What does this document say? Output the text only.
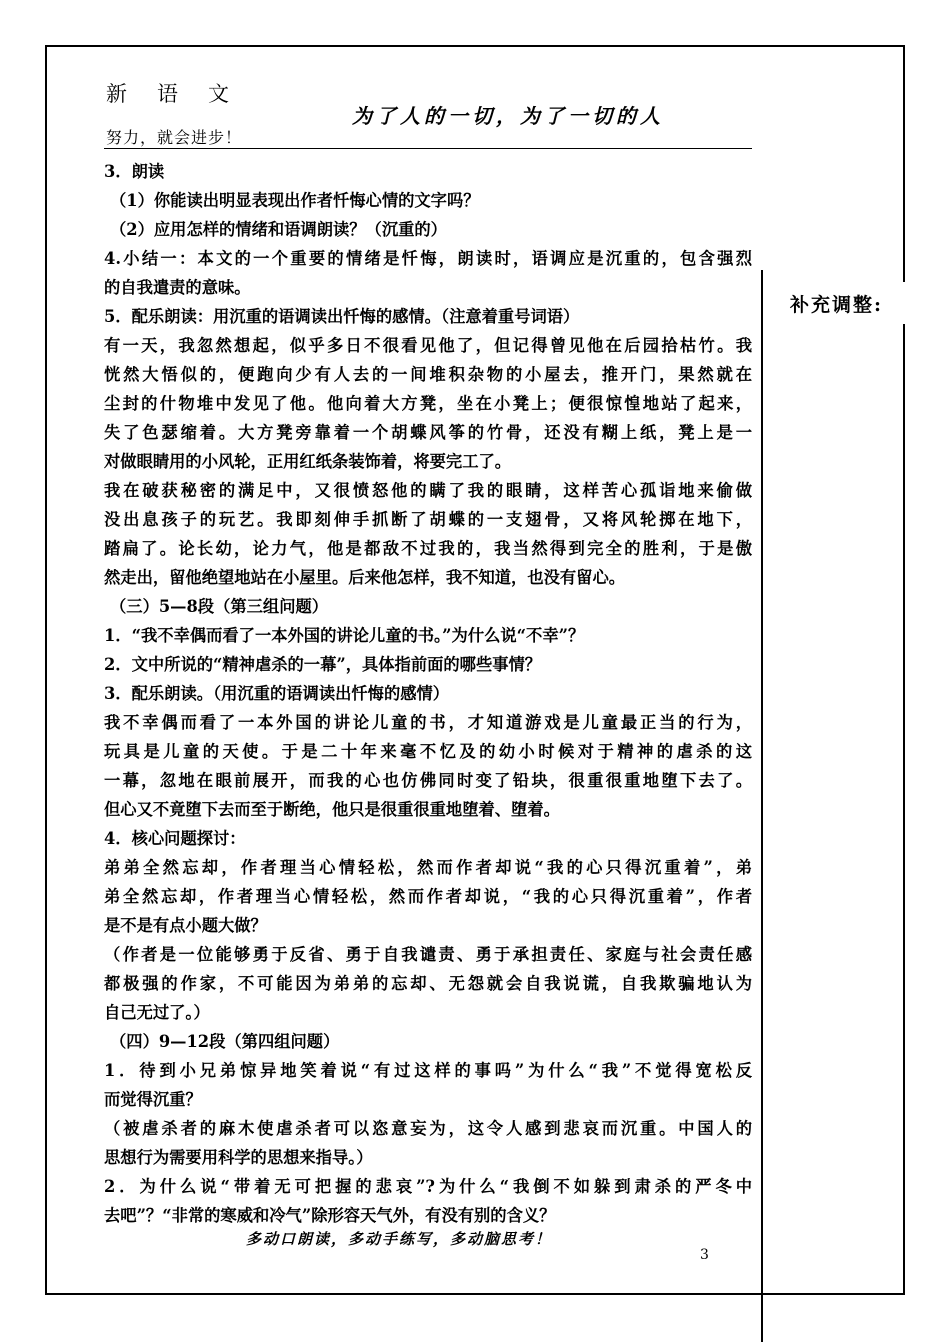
新语文
为了人的一切，为了一切的人
努力，就会进步！
补充调整:

3．朗读

（1）你能读出明显表现出作者忏悔心情的文字吗？

（2）应用怎样的情绪和语调朗读？（沉重的）

4.小结一：本文的一个重要的情绪是忏悔，朗读时，语调应是沉重的，包含强烈

的自我遣责的意味。

5．配乐朗读：用沉重的语调读出忏悔的感情。（注意着重号词语）

有一天，我忽然想起，似乎多日不很看见他了，但记得曾见他在后园拾枯竹。我

恍然大悟似的，便跑向少有人去的一间堆积杂物的小屋去，推开门，果然就在

尘封的什物堆中发见了他。他向着大方凳，坐在小凳上；便很惊惶地站了起来，

失了色瑟缩着。大方凳旁靠着一个胡蝶风筝的竹骨，还没有糊上纸，凳上是一

对做眼睛用的小风轮，正用红纸条装饰着，将要完工了。

我在破获秘密的满足中，又很愤怒他的瞒了我的眼睛，这样苦心孤诣地来偷做

没出息孩子的玩艺。我即刻伸手抓断了胡蝶的一支翅骨，又将风轮掷在地下，

踏扁了。论长幼，论力气，他是都敌不过我的，我当然得到完全的胜利，于是傲

然走出，留他绝望地站在小屋里。后来他怎样，我不知道，也没有留心。

（三）5—8段（第三组问题）

1．“我不幸偶而看了一本外国的讲论儿童的书。”为什么说“不幸”？

2．文中所说的“精神虐杀的一幕”，具体指前面的哪些事情？

3．配乐朗读。（用沉重的语调读出忏悔的感情）

我不幸偶而看了一本外国的讲论儿童的书，才知道游戏是儿童最正当的行为，

玩具是儿童的天使。于是二十年来毫不忆及的幼小时候对于精神的虐杀的这

一幕，忽地在眼前展开，而我的心也仿佛同时变了铅块，很重很重地堕下去了。

但心又不竟堕下去而至于断绝，他只是很重很重地堕着、堕着。

4．核心问题探讨：

弟弟全然忘却，作者理当心情轻松，然而作者却说“我的心只得沉重着”，弟

弟全然忘却，作者理当心情轻松，然而作者却说，“我的心只得沉重着”，作者

是不是有点小题大做？

（作者是一位能够勇于反省、勇于自我谴责、勇于承担责任、家庭与社会责任感

都极强的作家，不可能因为弟弟的忘却、无怨就会自我说谎，自我欺骗地认为

自己无过了。）

（四）9—12段（第四组问题）

1．待到小兄弟惊异地笑着说“有过这样的事吗”为什么“我”不觉得宽松反

而觉得沉重？

（被虐杀者的麻木使虐杀者可以恣意妄为，这令人感到悲哀而沉重。中国人的

思想行为需要用科学的思想来指导。）

2．为什么说“带着无可把握的悲哀”?为什么“我倒不如躲到肃杀的严冬中

去吧”？“非常的寒威和冷气”除形容天气外，有没有别的含义？

多动口朗读，多动手练写，多动脑思考！
3
